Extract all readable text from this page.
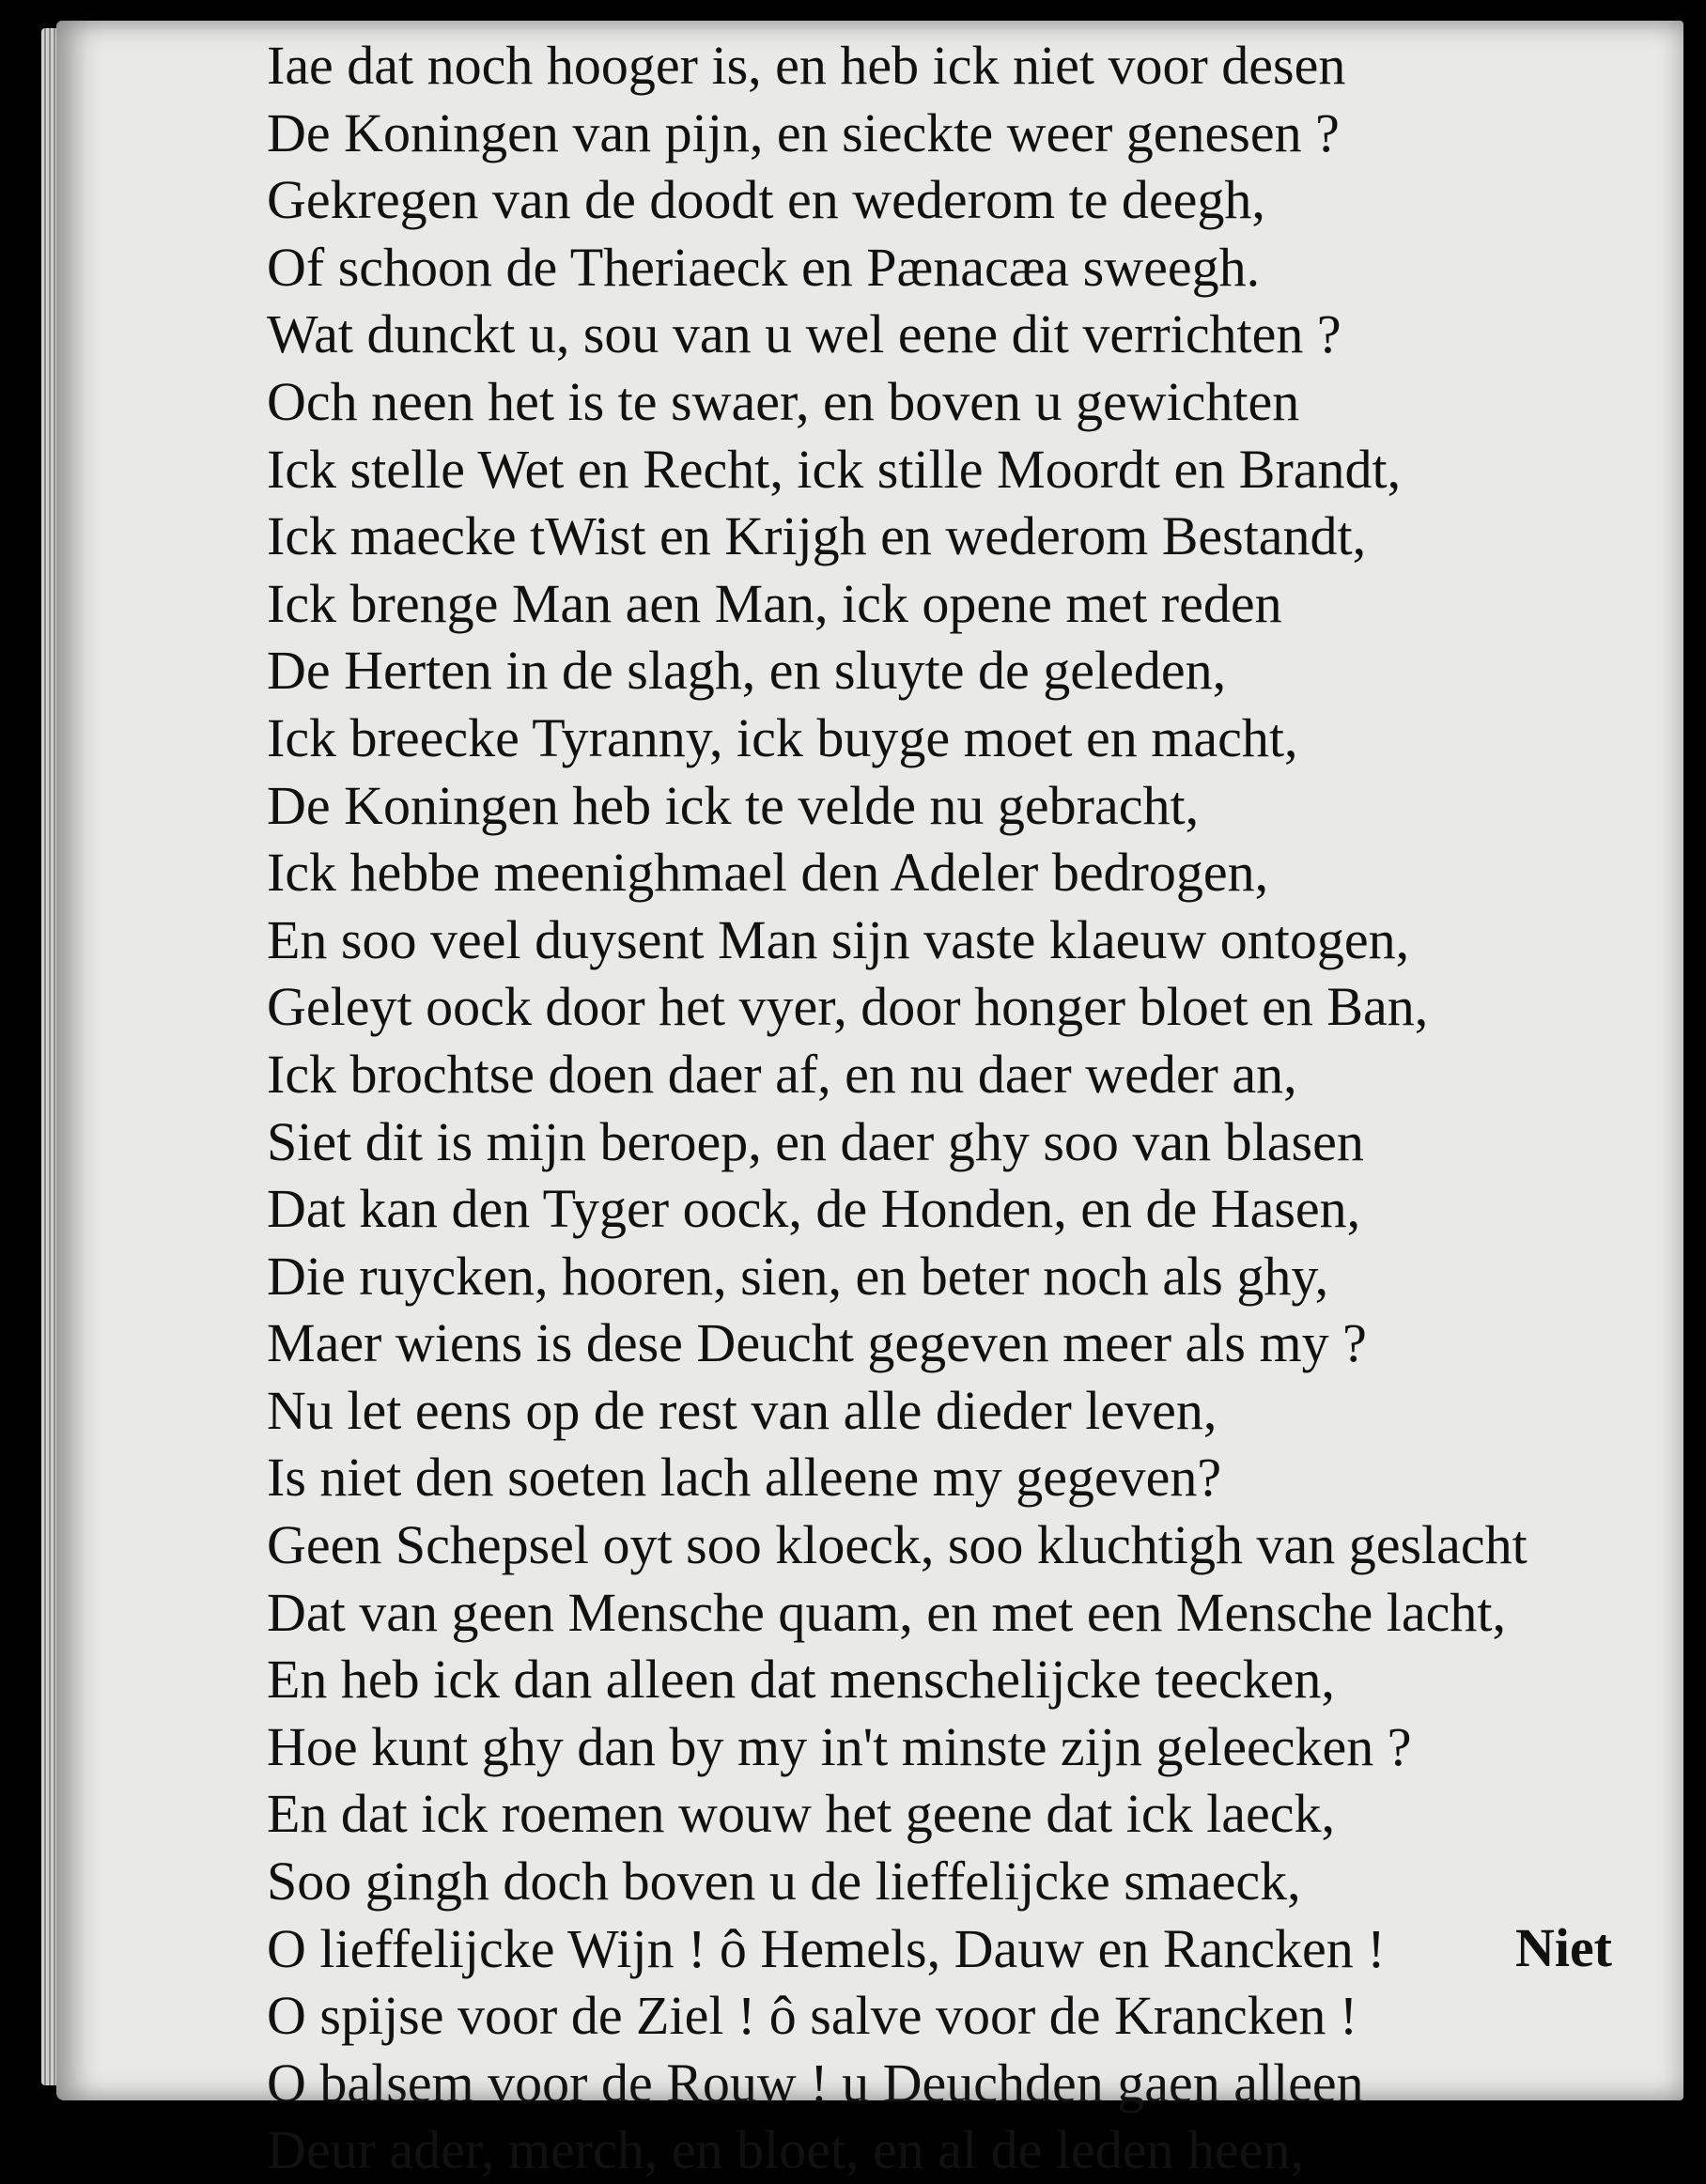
Iae dat noch hooger is, en heb ick niet voor desen
De Koningen van pijn, en sieckte weer genesen ?
Gekregen van de doodt en wederom te deegh,
Of schoon de Theriaeck en Pænacæa sweegh.
Wat dunckt u, sou van u wel eene dit verrichten ?
Och neen het is te swaer, en boven u gewichten
Ick stelle Wet en Recht, ick stille Moordt en Brandt,
Ick maecke tWist en Krijgh en wederom Bestandt,
Ick brenge Man aen Man, ick opene met reden
De Herten in de slagh, en sluyte de geleden,
Ick breecke Tyranny, ick buyge moet en macht,
De Koningen heb ick te velde nu gebracht,
Ick hebbe meenighmael den Adeler bedrogen,
En soo veel duysent Man sijn vaste klaeuw ontogen,
Geleyt oock door het vyer, door honger bloet en Ban,
Ick brochtse doen daer af, en nu daer weder an,
Siet dit is mijn beroep, en daer ghy soo van blasen
Dat kan den Tyger oock, de Honden, en de Hasen,
Die ruycken, hooren, sien, en beter noch als ghy,
Maer wiens is dese Deucht gegeven meer als my ?
Nu let eens op de rest van alle dieder leven,
Is niet den soeten lach alleene my gegeven?
Geen Schepsel oyt soo kloeck, soo kluchtigh van geslacht
Dat van geen Mensche quam, en met een Mensche lacht,
En heb ick dan alleen dat menschelijcke teecken,
Hoe kunt ghy dan by my in't minste zijn geleecken ?
En dat ick roemen wouw het geene dat ick laeck,
Soo gingh doch boven u de lieffelijcke smaeck,
O lieffelijcke Wijn ! ô Hemels, Dauw en Rancken !
O spijse voor de Ziel ! ô salve voor de Krancken !
O balsem voor de Rouw ! u Deuchden gaen alleen
Deur ader, merch, en bloet, en al de leden heen,
Niet
